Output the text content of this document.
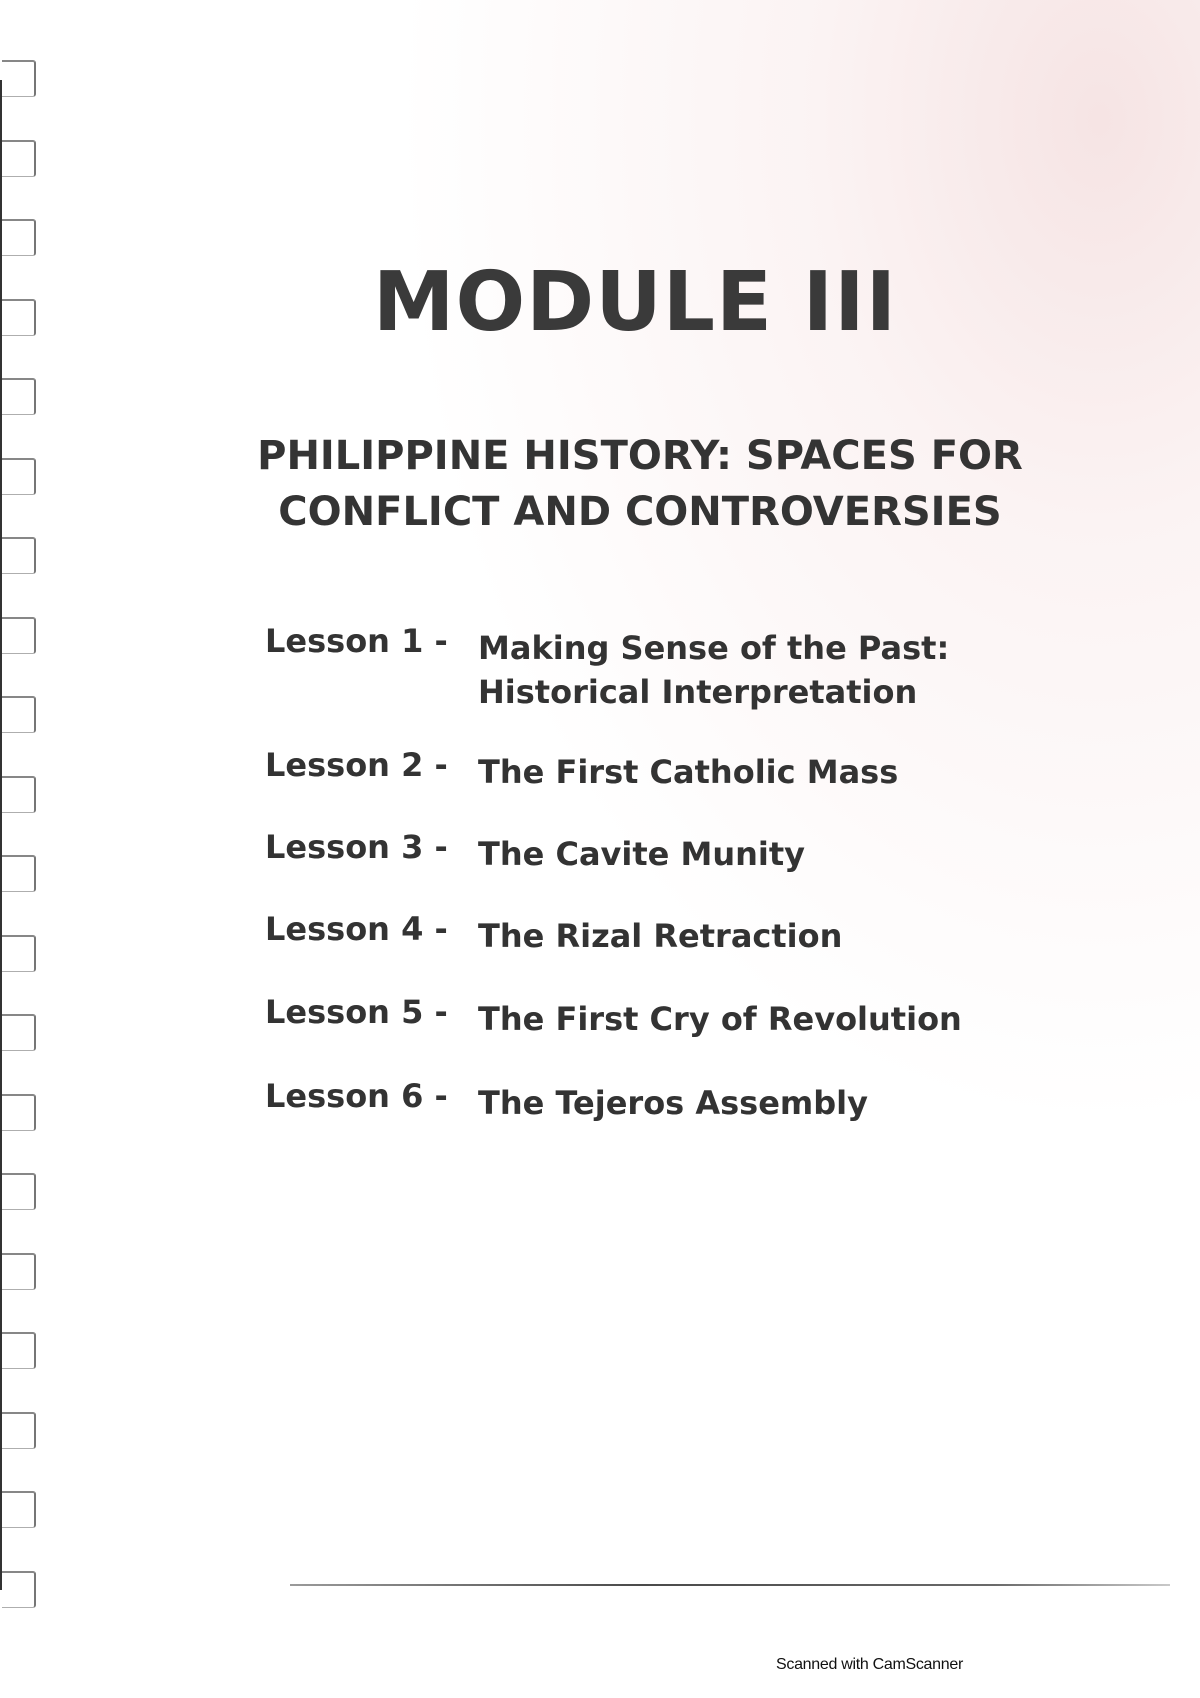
MODULE III
PHILIPPINE HISTORY: SPACES FOR
CONFLICT AND CONTROVERSIES
Lesson 1 - Making Sense of the Past:
Historical Interpretation
Lesson 2 - The First Catholic Mass
Lesson 3 - The Cavite Munity
Lesson 4 - The Rizal Retraction
Lesson 5 - The First Cry of Revolution
Lesson 6 - The Tejeros Assembly
Scanned with CamScanner
